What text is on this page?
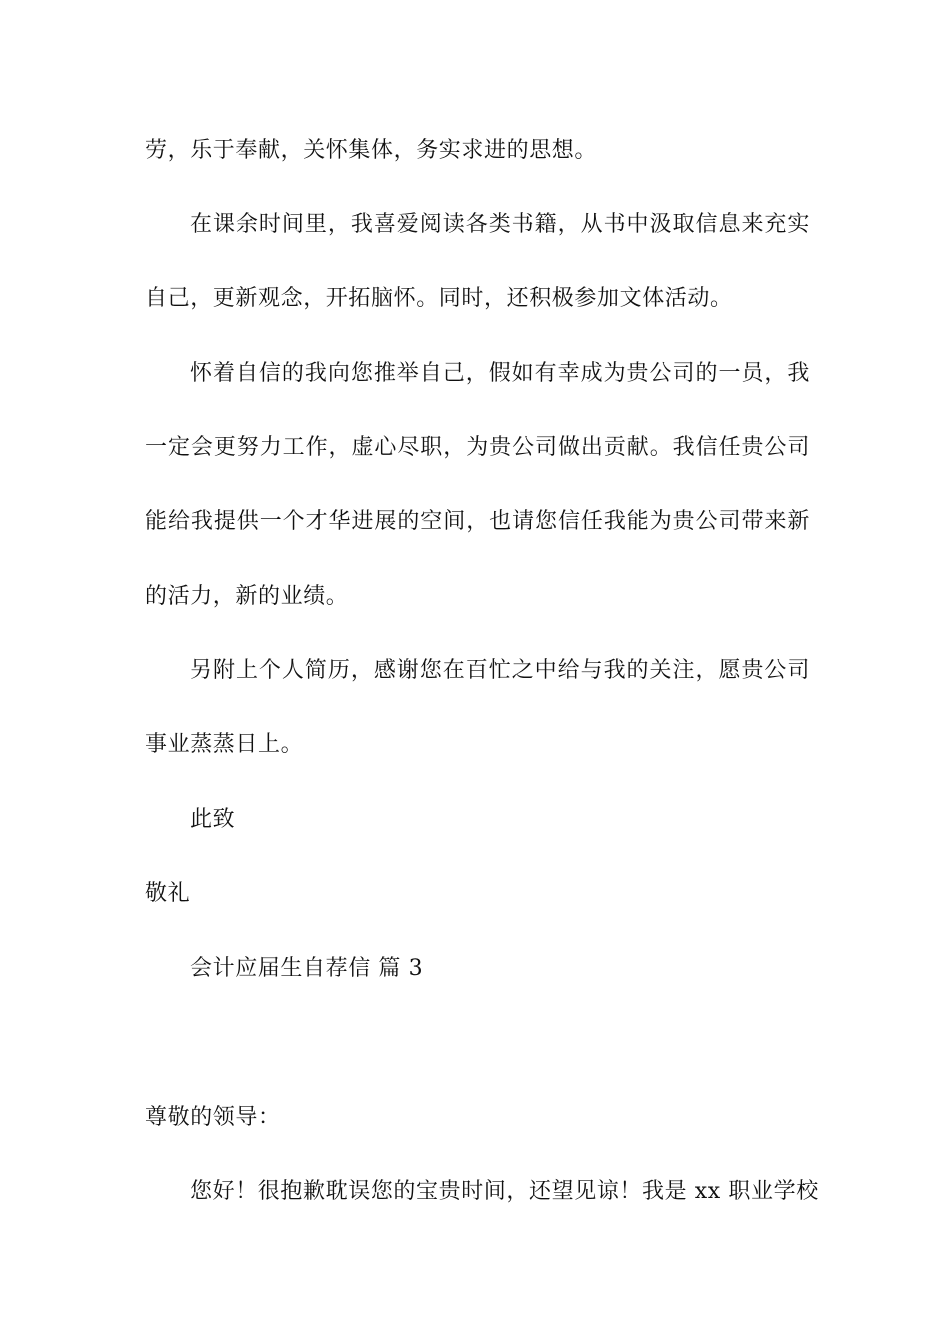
劳，乐于奉献，关怀集体，务实求进的思想。
在课余时间里，我喜爱阅读各类书籍，从书中汲取信息来充实
自己，更新观念，开拓脑怀。同时，还积极参加文体活动。
怀着自信的我向您推举自己，假如有幸成为贵公司的一员，我
一定会更努力工作，虚心尽职，为贵公司做出贡献。我信任贵公司
能给我提供一个才华进展的空间，也请您信任我能为贵公司带来新
的活力，新的业绩。
另附上个人简历，感谢您在百忙之中给与我的关注，愿贵公司
事业蒸蒸日上。
此致
敬礼
会计应届生自荐信 篇 3
尊敬的领导：
您好！很抱歉耽误您的宝贵时间，还望见谅！我是 xx 职业学校
